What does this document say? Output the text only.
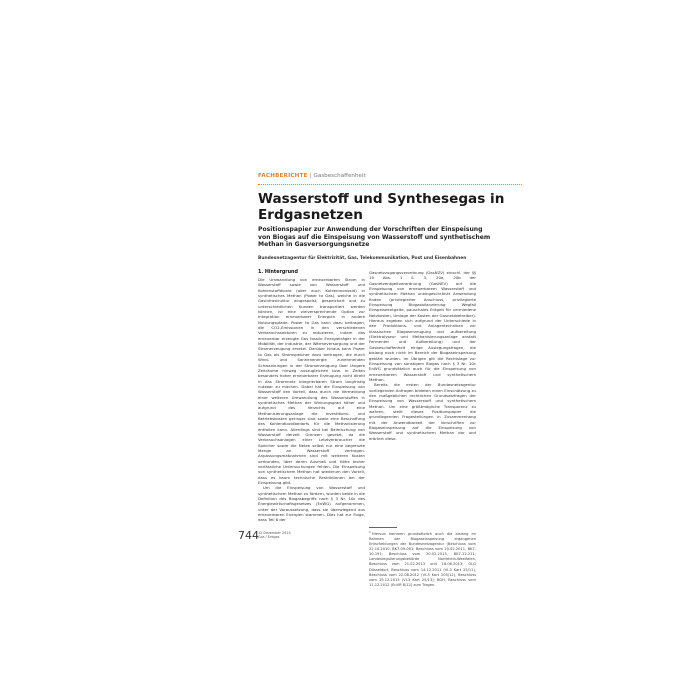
FACHBERICHTE | Gasbeschaffenheit
Wasserstoff und Synthesegas in Erdgasnetzen

Positionspapier zur Anwendung der Vorschriften der Einspeisung von Biogas auf die Einspeisung von Wasserstoff und synthetischem Methan in Gasversorgungsnetze

Bundesnetzagentur für Elektrizität, Gas, Telekommunikation, Post und Eisenbahnen
1. Hintergrund

Die Umwandlung von erneuerbarem Strom in Wasserstoff sowie von Wasserstoff und Kohlenstoffdioxid (oder auch Kohlenmonoxid) in synthetisches Methan (Power to Gas), welche in die Gasinfrastruktur eingespeist, gespeichert und zu unterschiedlichen Kunden transportiert werden können, ist eine vielversprechende Option zur Integration erneuerbarer Energien in andere Nutzungspfade. Power to Gas kann dazu beitragen, die CO2-Emissionen in den verschiedenen Verbrauchssektoren zu reduzieren, indem das erneuerbar erzeugte Gas fossile Energieträger in der Mobilität, der Industrie, der Wärmeversorgung und der Stromerzeugung ersetzt. Darüber hinaus kann Power to Gas als Stromspeicher dazu beitragen, die durch Wind- und Sonnenenergie zunehmenden Schwankungen in der Stromerzeugung über längere Zeiträume hinweg auszugleichen bzw. in Zeiten besonders hoher erneuerbarer Erzeugung nicht direkt in das Stromnetz integrierbaren Strom langfristig nutzbar zu machen. Dabei hat die Einspeisung von Wasserstoff den Vorteil, dass durch die Vermeidung einer weiteren Umwandlung des Wasserstoffes in synthetisches Methan der Wirkungsgrad höher und aufgrund des Verzichts auf eine Methanisierungsanlage die Investitions- und Betriebskosten geringer sind sowie eine Beschaffung des Kohlendioxidbedarfs für die Methanisierung entfallen kann. Allerdings sind bei Beimischung von Wasserstoff derzeit Grenzen gesetzt, da die Verbrauchsanlagen einer Letztverbraucher die Speicher sowie die Netze selbst nur eine begrenzte Menge an Wasserstoff vertragen. Anpassungsmaßnahmen sind mit weiteren Kosten verbunden, über deren Ausmaß und Höhe bisher verlässliche Untersuchungen fehlen. Die Einspeisung von synthetischem Methan hat wiederum den Vorteil, dass es kaum technische Restriktionen bei der Einspeisung gibt.

Um die Einspeisung von Wasserstoff und synthetischem Methan zu fördern, wurden beide in die Definition des Biogasbegriffs nach § 3 Nr. 10c des Energiewirtschaftsgesetzes (EnWG) aufgenommen, unter der Voraussetzung, dass sie überwiegend aus erneuerbaren Energien stammen. Dies hat zur Folge, dass Teil 6 der

Gasnetzzugangsverordnung (GasNZV) einschl. der §§ 19 Abs. 1 S. 3, 20a, 20b der Gasnetzentgeltverordnung (GasNEV) auf die Einspeisung von erneuerbarem Wasserstoff und synthetischem Methan uneingeschränkt Anwendung finden (privilegierter Anschluss, privilegierte Einspeisung Biogasbilanzierung Wegfall Einspeiseentgelte, pauschales Entgelt für vermiedene Netzkosten, Umlage der Kosten der Gasnetzbetreiber). Hieraus ergeben sich aufgrund der Unterschiede in den Produktions- und Anlagentechniken zur klassischen Biogaserzeugung und -aufbereitung (Elektrolyseur und Methanisierungsanlage anstatt Fermenter und Aufbereitung) und der Gasbeschaffenheit einige Auslegungsfragen, die bislang noch nicht im Bereich der Biogaseinspeisung geklärt wurden. Im Übrigen gilt die Rechtslage zur Einspeisung von sonstigem Biogas nach § 3 Nr. 10c EnWG grundsätzlich auch für die Einspeisung von erneuerbarem Wasserstoff und synthetischem Methan.

Bereits die ersten der Bundesnetzagentur vorliegenden Anfragen bildeten einen Einschätzung zu den maßgeblichen rechtlichen Grundsatzfragen der Einspeisung von Wasserstoff und synthetischem Methan. Um eine größtmögliche Transparenz zu wahren, stellt dieses Positionspapier die grundlegenden Fragestellungen in Zusammenhang mit der Anwendbarkeit der Vorschriften zur Biogaseinspeisung auf die Einspeisung von Wasserstoff und synthetischem Methan dar und erörtert diese.

$^1$Hiervon kommen grundsätzlich auch die bislang im Rahmen der Biogaseinspeisung ergangenen Entscheidungen der Bundesnetzagentur (Beschluss vom 22.10.2010, BK7-09-001; Beschluss vom 25.02.2011, BK7-10-191; Beschluss vom 20.02.2013, BK7-12-211; Landesregulierungsbehörde Nordrhein-Westfalen, Beschluss vom 21.02.2013 und 18.06.2013; OLG Düsseldorf, Beschluss vom 14.12.2011 (VI-3 Kart 25/11), Beschluss vom 22.08.2012 (VI-3 Kart 205/12), Beschluss vom 19.12.2013 (VI-3 Kart 25/13); BGH, Beschluss vom 11.12.2012 (EnVR 8/12) zum Tragen.
744 12 Dezember 2014
Gas / Erdgas
